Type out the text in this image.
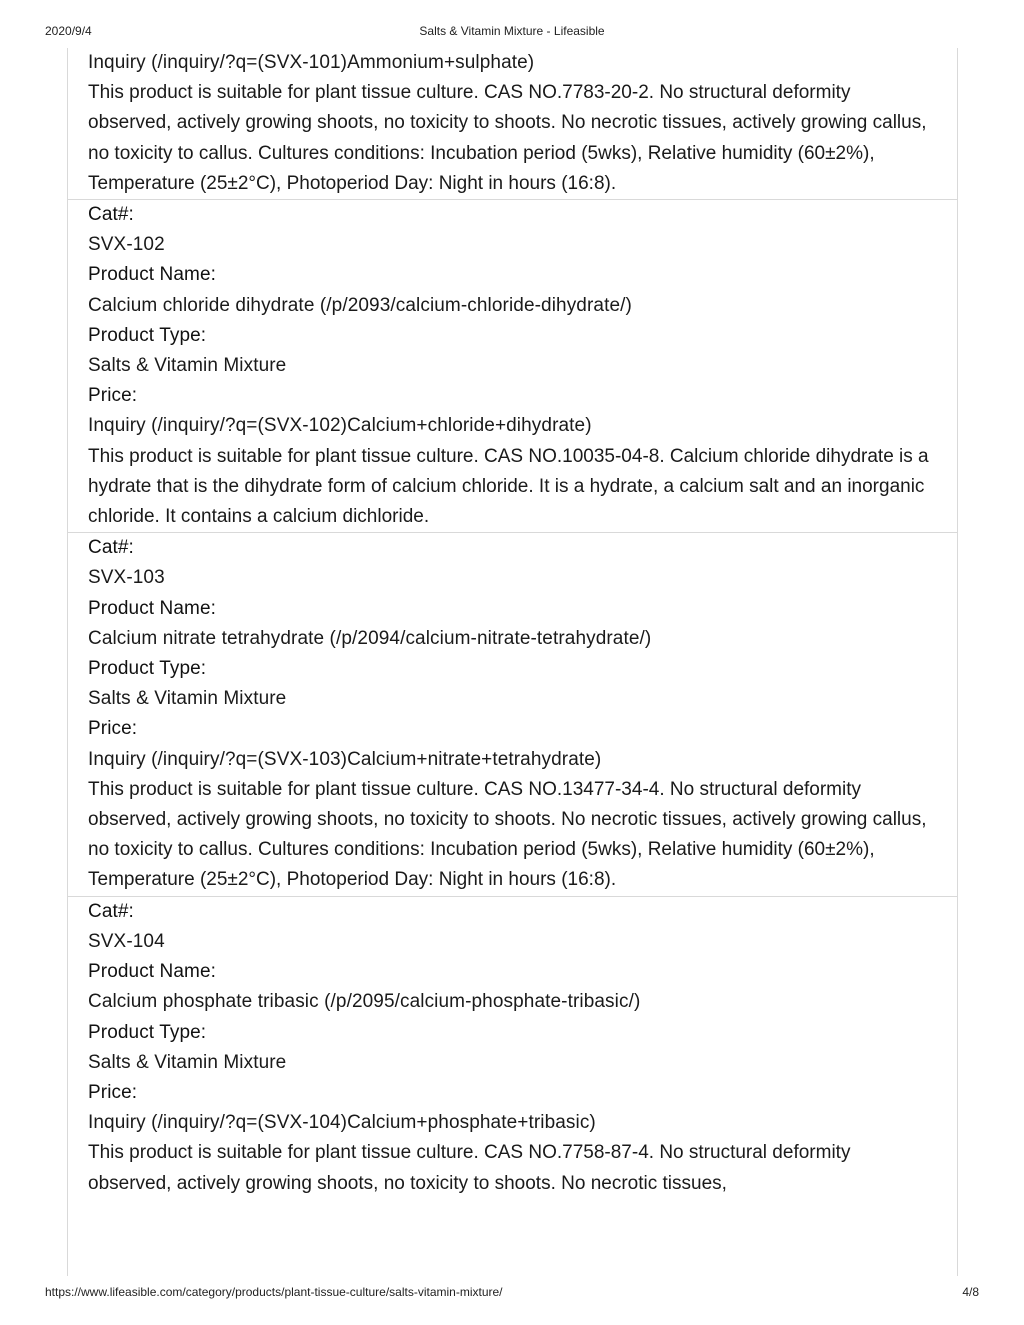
2020/9/4	Salts & Vitamin Mixture - Lifeasible
Inquiry (/inquiry/?q=(SVX-101)Ammonium+sulphate)
This product is suitable for plant tissue culture. CAS NO.7783-20-2. No structural deformity observed, actively growing shoots, no toxicity to shoots. No necrotic tissues, actively growing callus, no toxicity to callus. Cultures conditions: Incubation period (5wks), Relative humidity (60±2%), Temperature (25±2°C), Photoperiod Day: Night in hours (16:8).
Cat#:
SVX-102
Product Name:
Calcium chloride dihydrate (/p/2093/calcium-chloride-dihydrate/)
Product Type:
Salts & Vitamin Mixture
Price:
Inquiry (/inquiry/?q=(SVX-102)Calcium+chloride+dihydrate)
This product is suitable for plant tissue culture. CAS NO.10035-04-8. Calcium chloride dihydrate is a hydrate that is the dihydrate form of calcium chloride. It is a hydrate, a calcium salt and an inorganic chloride. It contains a calcium dichloride.
Cat#:
SVX-103
Product Name:
Calcium nitrate tetrahydrate (/p/2094/calcium-nitrate-tetrahydrate/)
Product Type:
Salts & Vitamin Mixture
Price:
Inquiry (/inquiry/?q=(SVX-103)Calcium+nitrate+tetrahydrate)
This product is suitable for plant tissue culture. CAS NO.13477-34-4. No structural deformity observed, actively growing shoots, no toxicity to shoots. No necrotic tissues, actively growing callus, no toxicity to callus. Cultures conditions: Incubation period (5wks), Relative humidity (60±2%), Temperature (25±2°C), Photoperiod Day: Night in hours (16:8).
Cat#:
SVX-104
Product Name:
Calcium phosphate tribasic (/p/2095/calcium-phosphate-tribasic/)
Product Type:
Salts & Vitamin Mixture
Price:
Inquiry (/inquiry/?q=(SVX-104)Calcium+phosphate+tribasic)
This product is suitable for plant tissue culture. CAS NO.7758-87-4. No structural deformity observed, actively growing shoots, no toxicity to shoots. No necrotic tissues,
https://www.lifeasible.com/category/products/plant-tissue-culture/salts-vitamin-mixture/	4/8
